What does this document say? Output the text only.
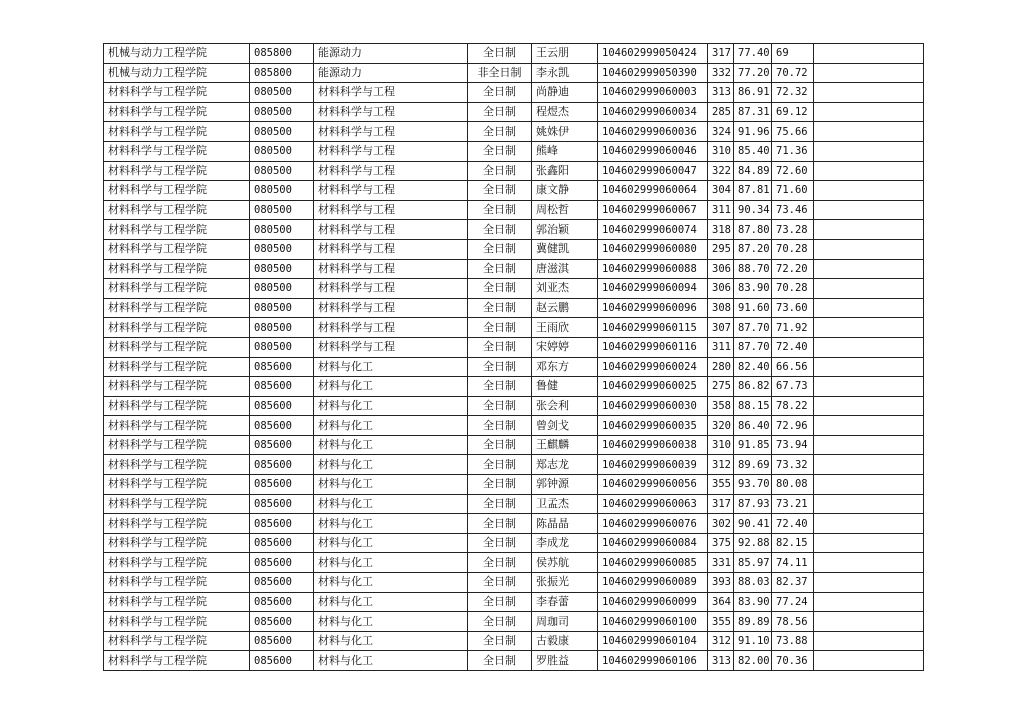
机械与动力工程学院	085800	能源动力	全日制	王云朋	104602999050424	317	77.40	69	
机械与动力工程学院	085800	能源动力	非全日制	李永凯	104602999050390	332	77.20	70.72	
材料科学与工程学院	080500	材料科学与工程	全日制	尚静迪	104602999060003	313	86.91	72.32	
材料科学与工程学院	080500	材料科学与工程	全日制	程煜杰	104602999060034	285	87.31	69.12	
材料科学与工程学院	080500	材料科学与工程	全日制	姚姝伊	104602999060036	324	91.96	75.66	
材料科学与工程学院	080500	材料科学与工程	全日制	熊峰	104602999060046	310	85.40	71.36	
材料科学与工程学院	080500	材料科学与工程	全日制	张鑫阳	104602999060047	322	84.89	72.60	
材料科学与工程学院	080500	材料科学与工程	全日制	康文静	104602999060064	304	87.81	71.60	
材料科学与工程学院	080500	材料科学与工程	全日制	周松哲	104602999060067	311	90.34	73.46	
材料科学与工程学院	080500	材料科学与工程	全日制	郭治颖	104602999060074	318	87.80	73.28	
材料科学与工程学院	080500	材料科学与工程	全日制	冀健凯	104602999060080	295	87.20	70.28	
材料科学与工程学院	080500	材料科学与工程	全日制	唐滋淇	104602999060088	306	88.70	72.20	
材料科学与工程学院	080500	材料科学与工程	全日制	刘亚杰	104602999060094	306	83.90	70.28	
材料科学与工程学院	080500	材料科学与工程	全日制	赵云鹏	104602999060096	308	91.60	73.60	
材料科学与工程学院	080500	材料科学与工程	全日制	王雨欣	104602999060115	307	87.70	71.92	
材料科学与工程学院	080500	材料科学与工程	全日制	宋婷婷	104602999060116	311	87.70	72.40	
材料科学与工程学院	085600	材料与化工	全日制	邓东方	104602999060024	280	82.40	66.56	
材料科学与工程学院	085600	材料与化工	全日制	鲁健	104602999060025	275	86.82	67.73	
材料科学与工程学院	085600	材料与化工	全日制	张会利	104602999060030	358	88.15	78.22	
材料科学与工程学院	085600	材料与化工	全日制	曾剑戈	104602999060035	320	86.40	72.96	
材料科学与工程学院	085600	材料与化工	全日制	王麒麟	104602999060038	310	91.85	73.94	
材料科学与工程学院	085600	材料与化工	全日制	郑志龙	104602999060039	312	89.69	73.32	
材料科学与工程学院	085600	材料与化工	全日制	郭钟源	104602999060056	355	93.70	80.08	
材料科学与工程学院	085600	材料与化工	全日制	卫孟杰	104602999060063	317	87.93	73.21	
材料科学与工程学院	085600	材料与化工	全日制	陈晶晶	104602999060076	302	90.41	72.40	
材料科学与工程学院	085600	材料与化工	全日制	李成龙	104602999060084	375	92.88	82.15	
材料科学与工程学院	085600	材料与化工	全日制	侯苏航	104602999060085	331	85.97	74.11	
材料科学与工程学院	085600	材料与化工	全日制	张振光	104602999060089	393	88.03	82.37	
材料科学与工程学院	085600	材料与化工	全日制	李春蕾	104602999060099	364	83.90	77.24	
材料科学与工程学院	085600	材料与化工	全日制	周珈司	104602999060100	355	89.89	78.56	
材料科学与工程学院	085600	材料与化工	全日制	古毅康	104602999060104	312	91.10	73.88	
材料科学与工程学院	085600	材料与化工	全日制	罗胜益	104602999060106	313	82.00	70.36	
